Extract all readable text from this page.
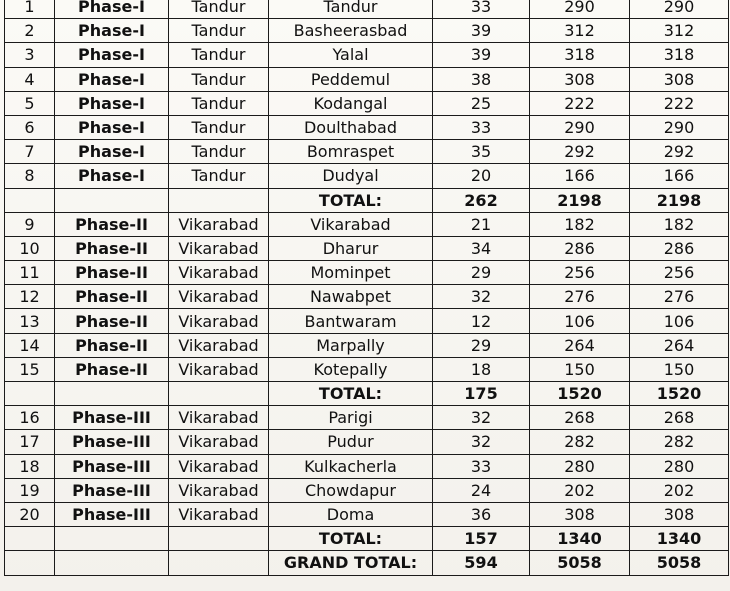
1	Phase-I	Tandur	Tandur	33	290	290
2	Phase-I	Tandur	Basheerasbad	39	312	312
3	Phase-I	Tandur	Yalal	39	318	318
4	Phase-I	Tandur	Peddemul	38	308	308
5	Phase-I	Tandur	Kodangal	25	222	222
6	Phase-I	Tandur	Doulthabad	33	290	290
7	Phase-I	Tandur	Bomraspet	35	292	292
8	Phase-I	Tandur	Dudyal	20	166	166
			TOTAL:	262	2198	2198
9	Phase-II	Vikarabad	Vikarabad	21	182	182
10	Phase-II	Vikarabad	Dharur	34	286	286
11	Phase-II	Vikarabad	Mominpet	29	256	256
12	Phase-II	Vikarabad	Nawabpet	32	276	276
13	Phase-II	Vikarabad	Bantwaram	12	106	106
14	Phase-II	Vikarabad	Marpally	29	264	264
15	Phase-II	Vikarabad	Kotepally	18	150	150
			TOTAL:	175	1520	1520
16	Phase-III	Vikarabad	Parigi	32	268	268
17	Phase-III	Vikarabad	Pudur	32	282	282
18	Phase-III	Vikarabad	Kulkacherla	33	280	280
19	Phase-III	Vikarabad	Chowdapur	24	202	202
20	Phase-III	Vikarabad	Doma	36	308	308
			TOTAL:	157	1340	1340
			GRAND TOTAL:	594	5058	5058
